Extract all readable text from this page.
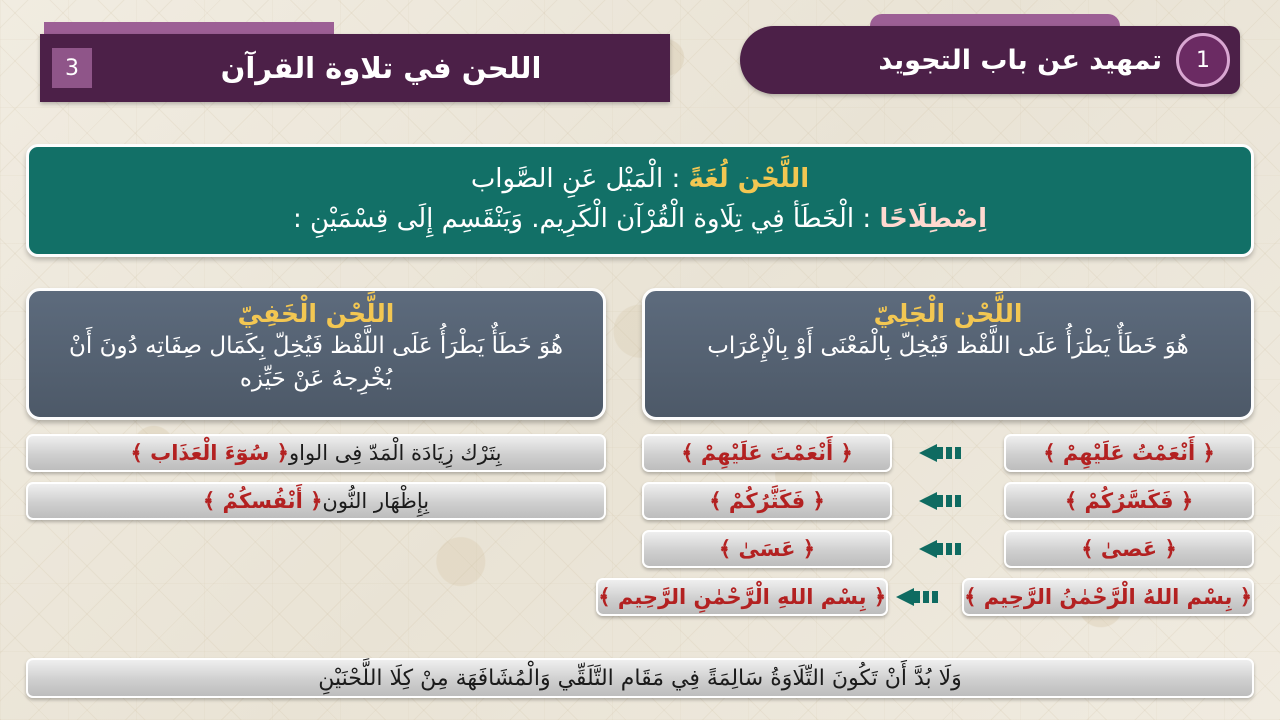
1
تمهيد عن باب التجويد
اللحن في تلاوة القرآن
3
اللَّحْن لُغَةً : الْمَيْل عَنِ الصَّواب
اِصْطِلَاحًا : الْخَطَأ فِي تِلَاوة الْقُرْآن الْكَرِيم. وَيَنْقَسِم إِلَى قِسْمَيْنِ :
اللَّحْن الْجَلِيّ

هُوَ خَطَأٌ يَطْرَأُ عَلَى اللَّفْظ فَيُخِلّ بِالْمَعْنَى أَوْ بِالْإِعْرَاب

اللَّحْن الْخَفِيّ

هُوَ خَطَأٌ يَطْرَأُ عَلَى اللَّفْظ فَيُخِلّ بِكَمَال صِفَاتِه دُونَ أَنْ يُخْرِجهُ عَنْ حَيِّزه

﴿ أَنْعَمْتُ عَلَيْهِمْ ﴾
﴿ أَنْعَمْتَ عَلَيْهِمْ ﴾
﴿ فَكَسَّرُكُمْ ﴾
﴿ فَكَثَّرُكُمْ ﴾
﴿ عَصىٰ ﴾
﴿ عَسَىٰ ﴾
﴿ بِسْم اللهُ الْرَّحْمٰنُ الرَّحِيم ﴾
﴿ بِسْم اللهِ الْرَّحْمٰنِ الرَّحِيم ﴾
بِتَرْك زِيَادَة الْمَدّ فِى الواو
﴿ سُوٓءَ الْعَذَاب ﴾
بِإِظْهَار النُّون
﴿ أَنْفُسكُمْ ﴾
وَلَا بُدَّ أَنْ تَكُونَ التِّلَاوَةُ سَالِمَةً فِي مَقَام التَّلَقِّي وَالْمُشَافَهَة مِنْ كِلَا اللَّحْنَيْنِ
